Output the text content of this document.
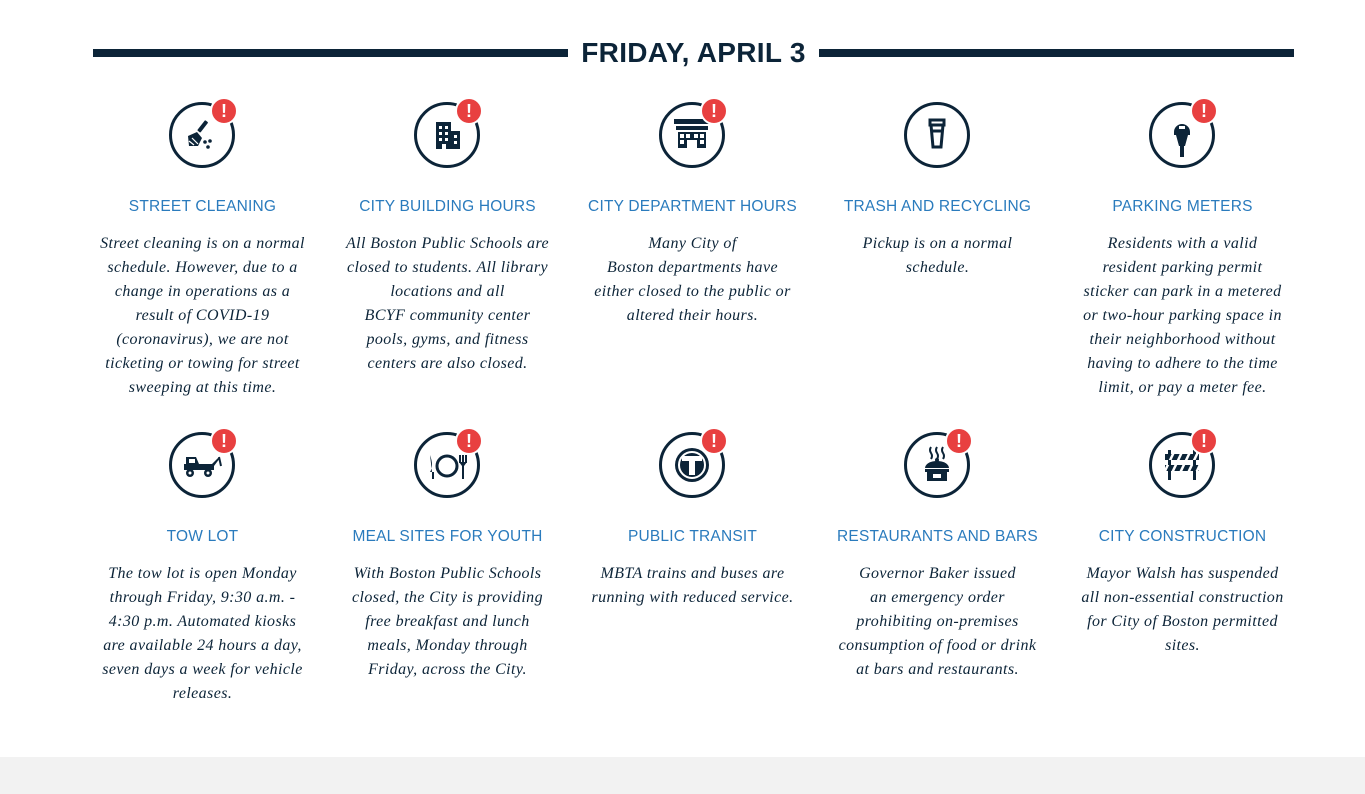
FRIDAY, APRIL 3
!
STREET CLEANING

Street cleaning is on a normal
schedule. However, due to a
change in operations as a
result of COVID-19
(coronavirus), we are not
ticketing or towing for street
sweeping at this time.

!
CITY BUILDING HOURS

All Boston Public Schools are
closed to students. All library
locations and all
BCYF community center
pools, gyms, and fitness
centers are also closed.

!
CITY DEPARTMENT HOURS

Many City of
Boston departments have
either closed to the public or
altered their hours.

TRASH AND RECYCLING

Pickup is on a normal
schedule.

!
PARKING METERS

Residents with a valid
resident parking permit
sticker can park in a metered
or two-hour parking space in
their neighborhood without
having to adhere to the time
limit, or pay a meter fee.

!
TOW LOT

The tow lot is open Monday
through Friday, 9:30 a.m. -
4:30 p.m. Automated kiosks
are available 24 hours a day,
seven days a week for vehicle
releases.

!
MEAL SITES FOR YOUTH

With Boston Public Schools
closed, the City is providing
free breakfast and lunch
meals, Monday through
Friday, across the City.

!
PUBLIC TRANSIT

MBTA trains and buses are
running with reduced service.

!
RESTAURANTS AND BARS

Governor Baker issued
an emergency order
prohibiting on-premises
consumption of food or drink
at bars and restaurants.

!
CITY CONSTRUCTION

Mayor Walsh has suspended
all non-essential construction
for City of Boston permitted
sites.
